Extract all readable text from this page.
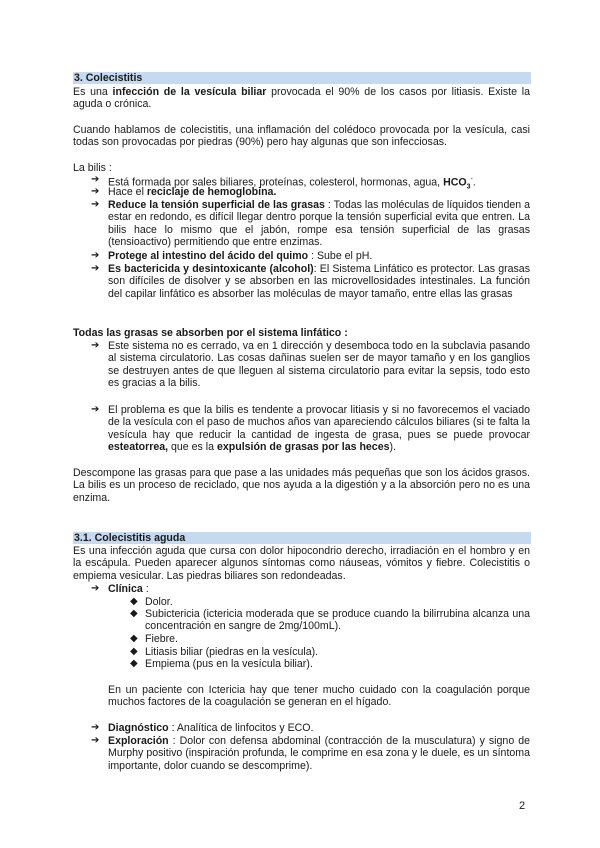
3. Colecistitis

Es una infección de la vesícula biliar provocada el 90% de los casos por litiasis. Existe la aguda o crónica.

Cuando hablamos de colecistitis, una inflamación del colédoco provocada por la vesícula, casi todas son provocadas por piedras (90%) pero hay algunas que son infecciosas.

La bilis :

➔ Está formada por sales biliares, proteínas, colesterol, hormonas, agua, $HCO_3^-$.

➔ Hace el reciclaje de hemoglobina.

➔ Reduce la tensión superficial de las grasas : Todas las moléculas de líquidos tienden a estar en redondo, es difícil llegar dentro porque la tensión superficial evita que entren. La bilis hace lo mismo que el jabón, rompe esa tensión superficial de las grasas (tensioactivo) permitiendo que entre enzimas.

➔ Protege al intestino del ácido del quimo : Sube el pH.

➔ Es bactericida y desintoxicante (alcohol): El Sistema Linfático es protector. Las grasas son difíciles de disolver y se absorben en las microvellosidades intestinales. La función del capilar linfático es absorber las moléculas de mayor tamaño, entre ellas las grasas

Todas las grasas se absorben por el sistema linfático :

➔ Este sistema no es cerrado, va en 1 dirección y desemboca todo en la subclavia pasando al sistema circulatorio. Las cosas dañinas suelen ser de mayor tamaño y en los ganglios se destruyen antes de que lleguen al sistema circulatorio para evitar la sepsis, todo esto es gracias a la bilis.

➔ El problema es que la bilis es tendente a provocar litiasis y si no favorecemos el vaciado de la vesícula con el paso de muchos años van apareciendo cálculos biliares (si te falta la vesícula hay que reducir la cantidad de ingesta de grasa, pues se puede provocar esteatorrea, que es la expulsión de grasas por las heces).

Descompone las grasas para que pase a las unidades más pequeñas que son los ácidos grasos. La bilis es un proceso de reciclado, que nos ayuda a la digestión y a la absorción pero no es una enzima.

3.1. Colecistitis aguda

Es una infección aguda que cursa con dolor hipocondrio derecho, irradiación en el hombro y en la escápula. Pueden aparecer algunos síntomas como náuseas, vómitos y fiebre. Colecistitis o empiema vesicular. Las piedras biliares son redondeadas.

➔ Clínica :

◆ Dolor.

◆ Subictericia (ictericia moderada que se produce cuando la bilirrubina alcanza una concentración en sangre de 2mg/100mL).

◆ Fiebre.

◆ Litiasis biliar (piedras en la vesícula).

◆ Empiema (pus en la vesícula biliar).

En un paciente con Ictericia hay que tener mucho cuidado con la coagulación porque muchos factores de la coagulación se generan en el hígado.

➔ Diagnóstico : Analítica de linfocitos y ECO.

➔ Exploración : Dolor con defensa abdominal (contracción de la musculatura) y signo de Murphy positivo (inspiración profunda, le comprime en esa zona y le duele, es un síntoma importante, dolor cuando se descomprime).

2
